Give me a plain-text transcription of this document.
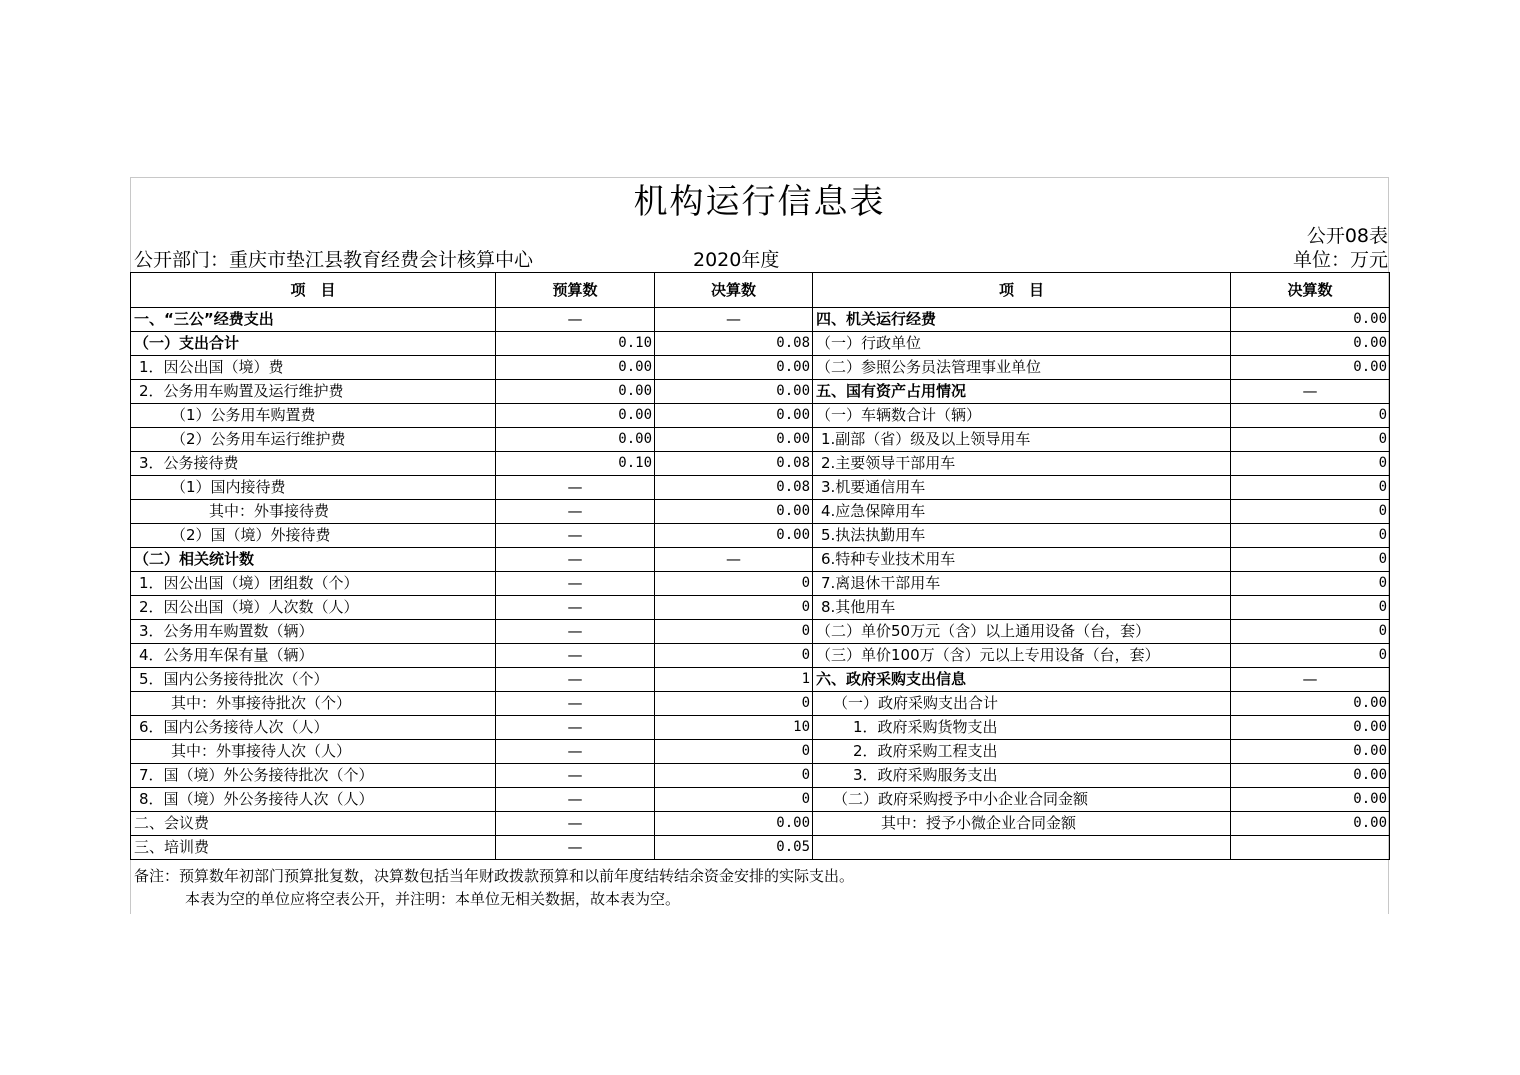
机构运行信息表
公开08表
公开部门：重庆市垫江县教育经费会计核算中心	2020年度	单位：万元
项　目	预算数	决算数	项　目	决算数
一、“三公”经费支出	—	—	四、机关运行经费	0.00
（一）支出合计	0.10	0.08	（一）行政单位	0.00
1．因公出国（境）费	0.00	0.00	（二）参照公务员法管理事业单位	0.00
2．公务用车购置及运行维护费	0.00	0.00	五、国有资产占用情况	—
（1）公务用车购置费	0.00	0.00	（一）车辆数合计（辆）	0
（2）公务用车运行维护费	0.00	0.00	1.副部（省）级及以上领导用车	0
3．公务接待费	0.10	0.08	2.主要领导干部用车	0
（1）国内接待费	—	0.08	3.机要通信用车	0
其中：外事接待费	—	0.00	4.应急保障用车	0
（2）国（境）外接待费	—	0.00	5.执法执勤用车	0
（二）相关统计数	—	—	6.特种专业技术用车	0
1．因公出国（境）团组数（个）	—	0	7.离退休干部用车	0
2．因公出国（境）人次数（人）	—	0	8.其他用车	0
3．公务用车购置数（辆）	—	0	（二）单价50万元（含）以上通用设备（台，套）	0
4．公务用车保有量（辆）	—	0	（三）单价100万（含）元以上专用设备（台，套）	0
5．国内公务接待批次（个）	—	1	六、政府采购支出信息	—
其中：外事接待批次（个）	—	0	（一）政府采购支出合计	0.00
6．国内公务接待人次（人）	—	10	1．政府采购货物支出	0.00
其中：外事接待人次（人）	—	0	2．政府采购工程支出	0.00
7．国（境）外公务接待批次（个）	—	0	3．政府采购服务支出	0.00
8．国（境）外公务接待人次（人）	—	0	（二）政府采购授予中小企业合同金额	0.00
二、会议费	—	0.00	其中：授予小微企业合同金额	0.00
三、培训费	—	0.05		
备注：预算数年初部门预算批复数，决算数包括当年财政拨款预算和以前年度结转结余资金安排的实际支出。
本表为空的单位应将空表公开，并注明：本单位无相关数据，故本表为空。
